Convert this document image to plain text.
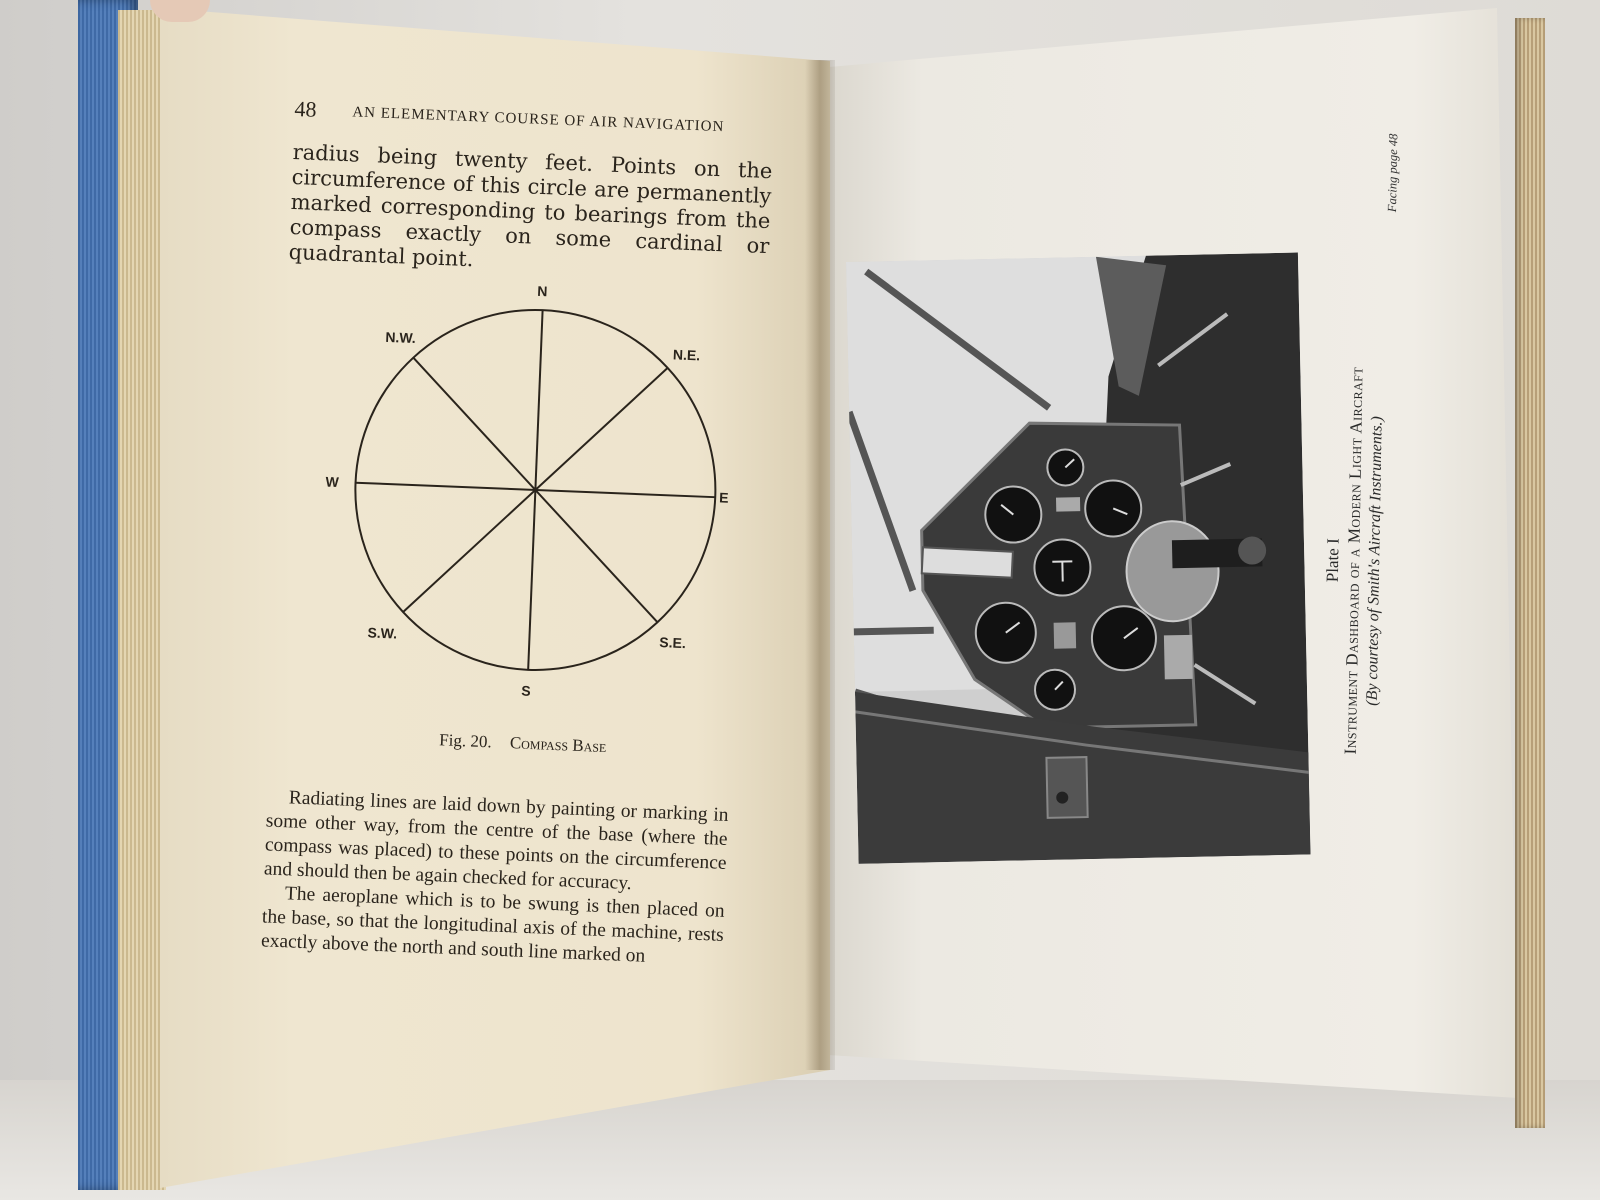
48 AN ELEMENTARY COURSE OF AIR NAVIGATION
radius being twenty feet. Points on the circumference of this circle are permanently marked corresponding to bearings from the compass exactly on some cardinal or quadrantal point.
N
N.E.
E
S.E.
S
S.W.
W
N.W.
Fig. 20. Compass Base

Radiating lines are laid down by painting or marking in some other way, from the centre of the base (where the compass was placed) to these points on the circumference and should then be again checked for accuracy.

The aeroplane which is to be swung is then placed on the base, so that the longitudinal axis of the machine, rests exactly above the north and south line marked on

Plate I
Instrument Dashboard of a Modern Light Aircraft
(By courtesy of Smith's Aircraft Instruments.)
Facing page 48
